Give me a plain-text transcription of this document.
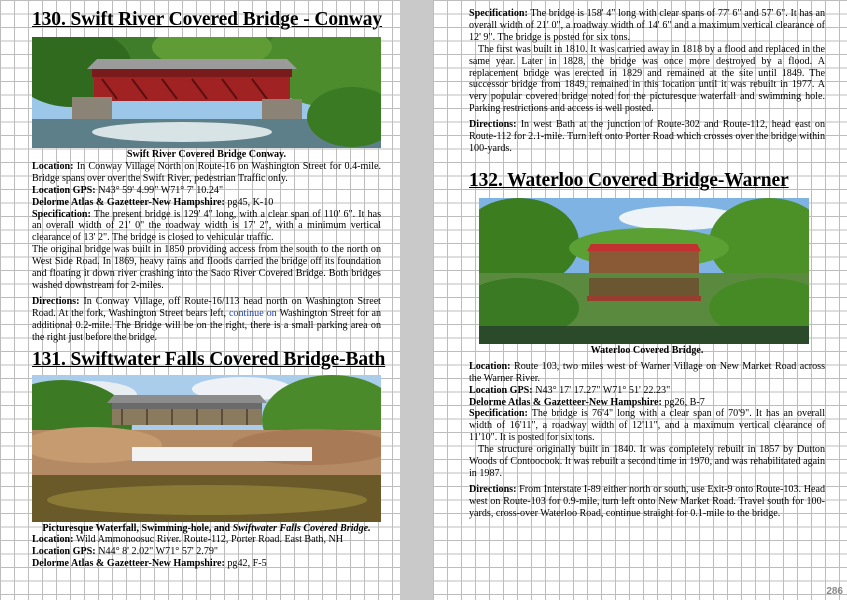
130. Swift River Covered Bridge - Conway
Swift River Covered Bridge Conway.

Location: In Conway Village North on Route-16 on Washington Street for 0.4-mile. Bridge spans over over the Swift River, pedestrian Traffic only.

Location GPS: N43° 59' 4.99" W71° 7' 10.24"

Delorme Atlas & Gazetteer-New Hampshire: pg45, K-10

Specification: The present bridge is 129' 4" long, with a clear span of 110' 6". It has an overall width of 21' 0" the roadway width is 17' 2", with a minimum vertical clearance of 13' 2". The bridge is closed to vehicular traffic.

The original bridge was built in 1850 providing access from the south to the north on West Side Road. In 1869, heavy rains and floods carried the bridge off its foundation and floating it down river crashing into the Saco River Covered Bridge. Both bridges washed downstream for 2-miles.

Directions: In Conway Village, off Route-16/113 head north on Washington Street Road. At the fork, Washington Street bears left, continue on Washington Street for an additional 0.2-mile. The Bridge will be on the right, there is a small parking area on the right just before the bridge.

131. Swiftwater Falls Covered Bridge-Bath
Picturesque Waterfall, Swimming-hole, and Swiftwater Falls Covered Bridge.

Location: Wild Ammonoosuc River. Route-112, Porter Road. East Bath, NH

Location GPS: N44° 8' 2.02" W71° 57' 2.79"

Delorme Atlas & Gazetteer-New Hampshire: pg42, F-5

Specification: The bridge is 158' 4" long with clear spans of 77' 6" and 57' 6". It has an overall width of 21' 0", a roadway width of 14' 6" and a maximum vertical clearance of 12' 9". The bridge is posted for six tons.

The first was built in 1810. It was carried away in 1818 by a flood and replaced in the same year. Later in 1828, the bridge was once more destroyed by a flood. A replacement bridge was erected in 1829 and remained at the site until 1849. The successor bridge from 1849, remained in this location until it was rebuilt in 1977. A very popular covered bridge noted for the picturesque waterfall and swimming hole. Parking restrictions and access is well posted.

Directions: In west Bath at the junction of Route-302 and Route-112, head east on Route-112 for 2.1-mile. Turn left onto Porter Road which crosses over the bridge within 100-yards.

132. Waterloo Covered Bridge-Warner
Waterloo Covered Bridge.

Location: Route 103, two miles west of Warner Village on New Market Road across the Warner River.

Location GPS: N43° 17' 17.27" W71° 51' 22.23"

Delorme Atlas & Gazetteer-New Hampshire: pg26, B-7

Specification: The bridge is 76'4" long with a clear span of 70'9". It has an overall width of 16'11", a roadway width of 12'11", and a maximum vertical clearance of 11'10". It is posted for six tons.

The structure originally built in 1840. It was completely rebuilt in 1857 by Dutton Woods of Contoocook. It was rebuilt a second time in 1970, and was rehabilitated again in 1987.

Directions: From Interstate I-89 either north or south, use Exit-9 onto Route-103. Head west on Route-103 for 0.9-mile, turn left onto New Market Road. Travel south for 100-yards, cross-over Waterloo Road, continue straight for 0.1-mile to the bridge.

286
